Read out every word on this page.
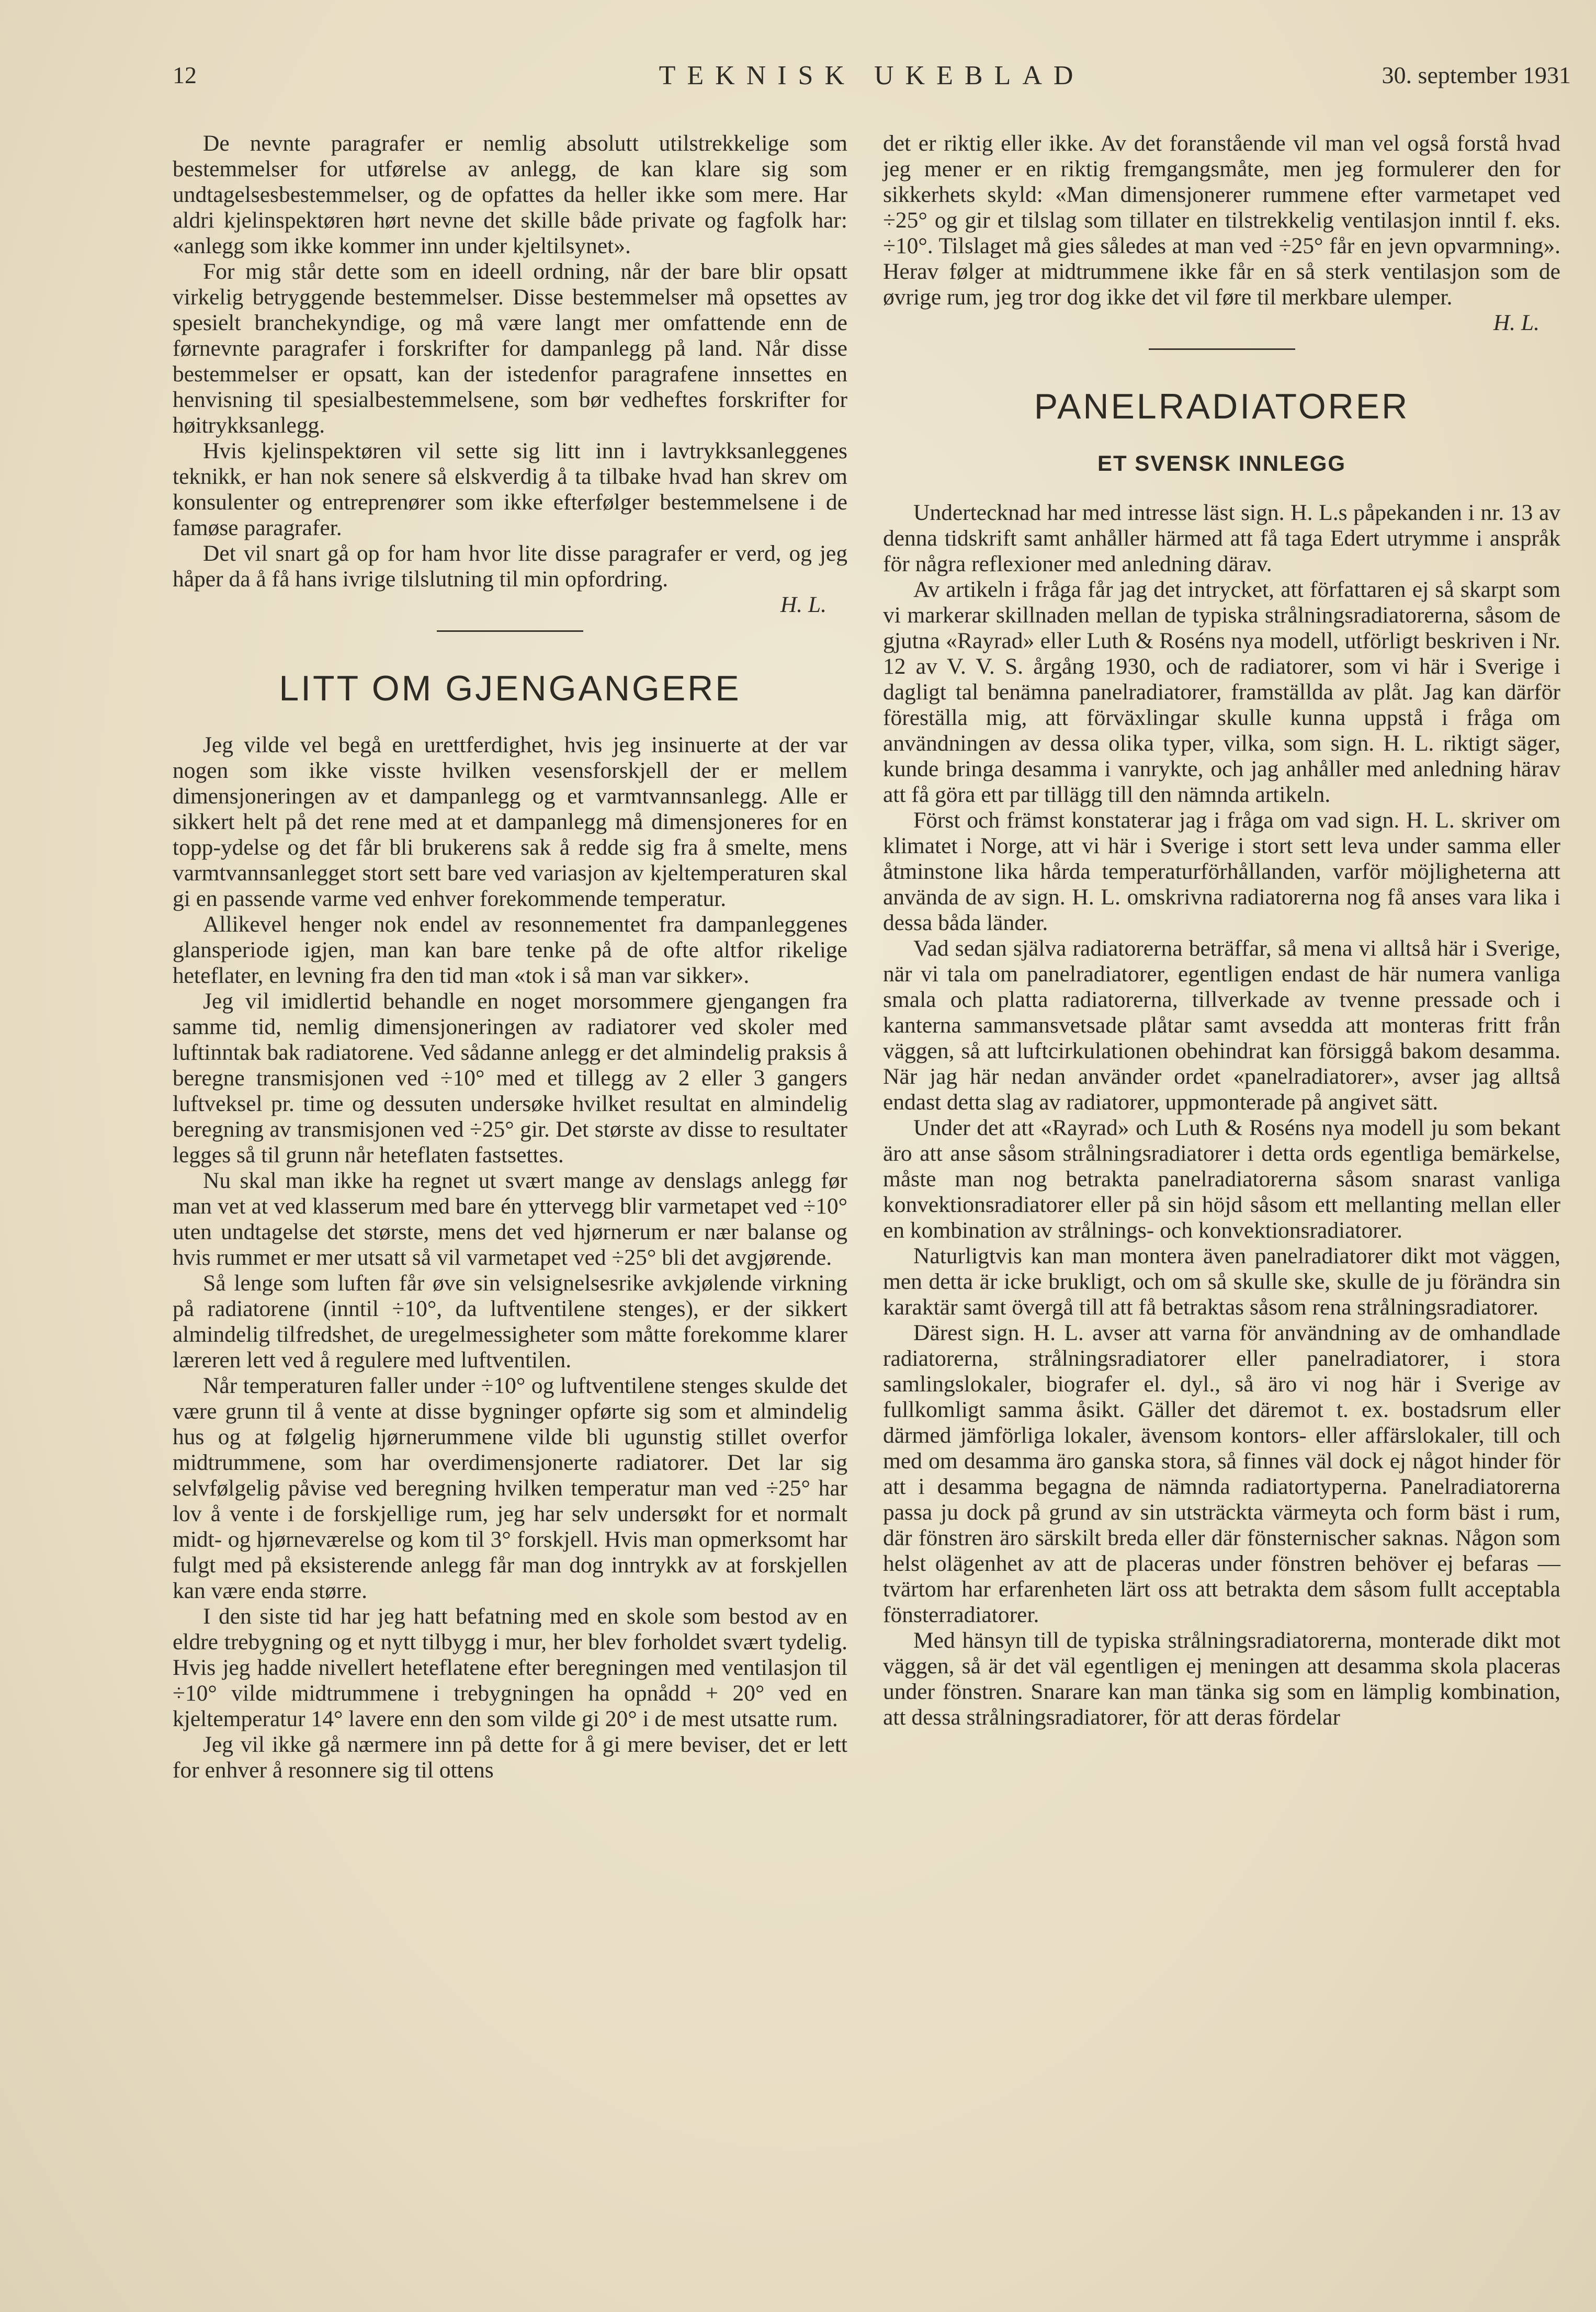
12	TEKNISK UKEBLAD	30. september 1931

De nevnte paragrafer er nemlig absolutt utilstrekkelige som bestemmelser for utførelse av anlegg, de kan klare sig som undtagelsesbestemmelser, og de opfattes da heller ikke som mere. Har aldri kjelinspektøren hørt nevne det skille både private og fagfolk har: «anlegg som ikke kommer inn under kjeltilsynet».

For mig står dette som en ideell ordning, når der bare blir opsatt virkelig betryggende bestemmelser. Disse bestemmelser må opsettes av spesielt branchekyndige, og må være langt mer omfattende enn de førnevnte paragrafer i forskrifter for dampanlegg på land. Når disse bestemmelser er opsatt, kan der istedenfor paragrafene innsettes en henvisning til spesialbestemmelsene, som bør vedheftes forskrifter for høitrykksanlegg.

Hvis kjelinspektøren vil sette sig litt inn i lavtrykksanleggenes teknikk, er han nok senere så elskverdig å ta tilbake hvad han skrev om konsulenter og entreprenører som ikke efterfølger bestemmelsene i de famøse paragrafer.

Det vil snart gå op for ham hvor lite disse paragrafer er verd, og jeg håper da å få hans ivrige tilslutning til min opfordring.

H. L.
LITT OM GJENGANGERE

Jeg vilde vel begå en urettferdighet, hvis jeg insinuerte at der var nogen som ikke visste hvilken vesensforskjell der er mellem dimensjoneringen av et dampanlegg og et varmtvannsanlegg. Alle er sikkert helt på det rene med at et dampanlegg må dimensjoneres for en topp-ydelse og det får bli brukerens sak å redde sig fra å smelte, mens varmtvannsanlegget stort sett bare ved variasjon av kjeltemperaturen skal gi en passende varme ved enhver forekommende temperatur.

Allikevel henger nok endel av resonnementet fra dampanleggenes glansperiode igjen, man kan bare tenke på de ofte altfor rikelige heteflater, en levning fra den tid man «tok i så man var sikker».

Jeg vil imidlertid behandle en noget morsommere gjengangen fra samme tid, nemlig dimensjoneringen av radiatorer ved skoler med luftinntak bak radiatorene. Ved sådanne anlegg er det almindelig praksis å beregne transmisjonen ved ÷10° med et tillegg av 2 eller 3 gangers luftveksel pr. time og dessuten undersøke hvilket resultat en almindelig beregning av transmisjonen ved ÷25° gir. Det største av disse to resultater legges så til grunn når heteflaten fastsettes.

Nu skal man ikke ha regnet ut svært mange av denslags anlegg før man vet at ved klasserum med bare én yttervegg blir varmetapet ved ÷10° uten undtagelse det største, mens det ved hjørnerum er nær balanse og hvis rummet er mer utsatt så vil varmetapet ved ÷25° bli det avgjørende.

Så lenge som luften får øve sin velsignelsesrike avkjølende virkning på radiatorene (inntil ÷10°, da luftventilene stenges), er der sikkert almindelig tilfredshet, de uregelmessigheter som måtte forekomme klarer læreren lett ved å regulere med luftventilen.

Når temperaturen faller under ÷10° og luftventilene stenges skulde det være grunn til å vente at disse bygninger opførte sig som et almindelig hus og at følgelig hjørnerummene vilde bli ugunstig stillet overfor midtrummene, som har overdimensjonerte radiatorer. Det lar sig selvfølgelig påvise ved beregning hvilken temperatur man ved ÷25° har lov å vente i de forskjellige rum, jeg har selv undersøkt for et normalt midt- og hjørneværelse og kom til 3° forskjell. Hvis man opmerksomt har fulgt med på eksisterende anlegg får man dog inntrykk av at forskjellen kan være enda større.

I den siste tid har jeg hatt befatning med en skole som bestod av en eldre trebygning og et nytt tilbygg i mur, her blev forholdet svært tydelig. Hvis jeg hadde nivellert heteflatene efter beregningen med ventilasjon til ÷10° vilde midtrummene i trebygningen ha opnådd + 20° ved en kjeltemperatur 14° lavere enn den som vilde gi 20° i de mest utsatte rum.

Jeg vil ikke gå nærmere inn på dette for å gi mere beviser, det er lett for enhver å resonnere sig til ottens

det er riktig eller ikke. Av det foranstående vil man vel også forstå hvad jeg mener er en riktig fremgangsmåte, men jeg formulerer den for sikkerhets skyld: «Man dimensjonerer rummene efter varmetapet ved ÷25° og gir et tilslag som tillater en tilstrekkelig ventilasjon inntil f. eks. ÷10°. Tilslaget må gies således at man ved ÷25° får en jevn opvarmning». Herav følger at midtrummene ikke får en så sterk ventilasjon som de øvrige rum, jeg tror dog ikke det vil føre til merkbare ulemper.

H. L.
PANELRADIATORER
ET SVENSK INNLEGG

Undertecknad har med intresse läst sign. H. L.s påpekanden i nr. 13 av denna tidskrift samt anhåller härmed att få taga Edert utrymme i anspråk för några reflexioner med anledning därav.

Av artikeln i fråga får jag det intrycket, att författaren ej så skarpt som vi markerar skillnaden mellan de typiska strålningsradiatorerna, såsom de gjutna «Rayrad» eller Luth & Roséns nya modell, utförligt beskriven i Nr. 12 av V. V. S. årgång 1930, och de radiatorer, som vi här i Sverige i dagligt tal benämna panelradiatorer, framställda av plåt. Jag kan därför föreställa mig, att förväxlingar skulle kunna uppstå i fråga om användningen av dessa olika typer, vilka, som sign. H. L. riktigt säger, kunde bringa desamma i vanrykte, och jag anhåller med anledning härav att få göra ett par tillägg till den nämnda artikeln.

Först och främst konstaterar jag i fråga om vad sign. H. L. skriver om klimatet i Norge, att vi här i Sverige i stort sett leva under samma eller åtminstone lika hårda temperaturförhållanden, varför möjligheterna att använda de av sign. H. L. omskrivna radiatorerna nog få anses vara lika i dessa båda länder.

Vad sedan själva radiatorerna beträffar, så mena vi alltså här i Sverige, när vi tala om panelradiatorer, egentligen endast de här numera vanliga smala och platta radiatorerna, tillverkade av tvenne pressade och i kanterna sammansvetsade plåtar samt avsedda att monteras fritt från väggen, så att luftcirkulationen obehindrat kan försiggå bakom desamma. När jag här nedan använder ordet «panelradiatorer», avser jag alltså endast detta slag av radiatorer, uppmonterade på angivet sätt.

Under det att «Rayrad» och Luth & Roséns nya modell ju som bekant äro att anse såsom strålningsradiatorer i detta ords egentliga bemärkelse, måste man nog betrakta panelradiatorerna såsom snarast vanliga konvektionsradiatorer eller på sin höjd såsom ett mellanting mellan eller en kombination av strålnings- och konvektionsradiatorer.

Naturligtvis kan man montera även panelradiatorer dikt mot väggen, men detta är icke brukligt, och om så skulle ske, skulle de ju förändra sin karaktär samt övergå till att få betraktas såsom rena strålningsradiatorer.

Därest sign. H. L. avser att varna för användning av de omhandlade radiatorerna, strålningsradiatorer eller panelradiatorer, i stora samlingslokaler, biografer el. dyl., så äro vi nog här i Sverige av fullkomligt samma åsikt. Gäller det däremot t. ex. bostadsrum eller därmed jämförliga lokaler, ävensom kontors- eller affärslokaler, till och med om desamma äro ganska stora, så finnes väl dock ej något hinder för att i desamma begagna de nämnda radiatortyperna. Panelradiatorerna passa ju dock på grund av sin utsträckta värmeyta och form bäst i rum, där fönstren äro särskilt breda eller där fönsternischer saknas. Någon som helst olägenhet av att de placeras under fönstren behöver ej befaras — tvärtom har erfarenheten lärt oss att betrakta dem såsom fullt acceptabla fönsterradiatorer.

Med hänsyn till de typiska strålningsradiatorerna, monterade dikt mot väggen, så är det väl egentligen ej meningen att desamma skola placeras under fönstren. Snarare kan man tänka sig som en lämplig kombination, att dessa strålningsradiatorer, för att deras fördelar
